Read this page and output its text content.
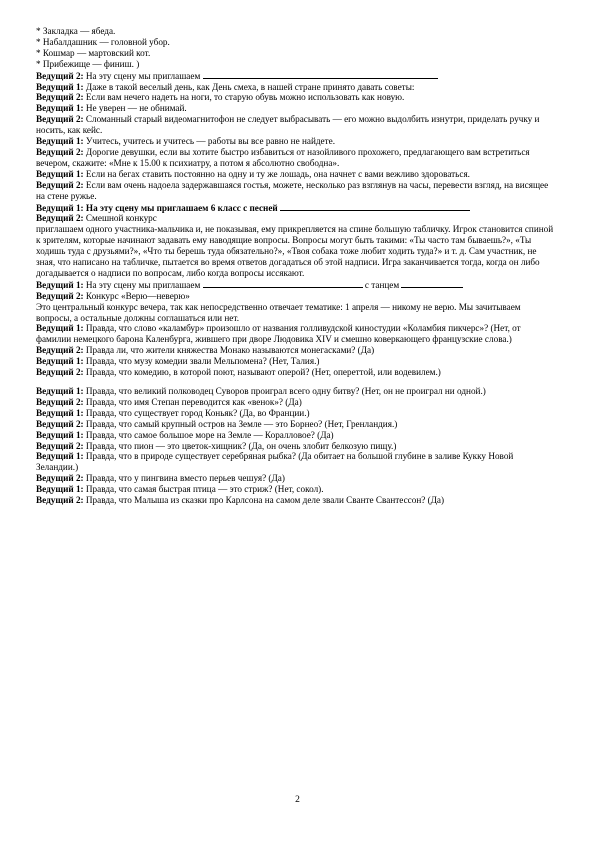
* Закладка — ябеда.
* Набалдашник — головной убор.
* Кошмар — мартовский кот.
* Прибежище — финиш. )

Ведущий 2: На эту сцену мы приглашаем

Ведущий 1: Даже в такой веселый день, как День смеха, в нашей стране принято давать советы:

Ведущий 2: Если вам нечего надеть на ноги, то старую обувь можно использовать как новую.

Ведущий 1: Не уверен — не обнимай.

Ведущий 2: Сломанный старый видеомагнитофон не следует выбрасывать — его можно выдолбить изнутри, приделать ручку и носить, как кейс.

Ведущий 1: Учитесь, учитесь и учитесь — работы вы все равно не найдете.

Ведущий 2: Дорогие девушки, если вы хотите быстро избавиться от назойливого прохожего, предлагающего вам встретиться вечером, скажите: «Мне к 15.00 к психиатру, а потом я абсолютно свободна».

Ведущий 1: Если на бегах ставить постоянно на одну и ту же лошадь, она начнет с вами вежливо здороваться.

Ведущий 2: Если вам очень надоела задержавшаяся гостья, можете, несколько раз взглянув на часы, перевести взгляд, на висящее на стене ружье.

Ведущий 1: На эту сцену мы приглашаем 6 класс с песней

Ведущий 2: Смешной конкурс

приглашаем одного участника-мальчика и, не показывая, ему прикрепляется на спине большую табличку. Игрок становится спиной к зрителям, которые начинают задавать ему наводящие вопросы. Вопросы могут быть такими: «Ты часто там бываешь?», «Ты ходишь туда с друзьями?», «Что ты берешь туда обязательно?», «Твоя собака тоже любит ходить туда?» и т. д. Сам участник, не зная, что написано на табличке, пытается во время ответов догадаться об этой надписи. Игра заканчивается тогда, когда он либо догадывается о надписи по вопросам, либо когда вопросы иссякают.

Ведущий 1: На эту сцену мы приглашаем	с танцем

Ведущий 2: Конкурс «Верю—неверю»

Это центральный конкурс вечера, так как непосредственно отвечает тематике: 1 апреля — никому не верю. Мы зачитываем вопросы, а остальные должны соглашаться или нет.

Ведущий 1: Правда, что слово «каламбур» произошло от названия голливудской киностудии «Коламбия пикчерс»? (Нет, от фамилии немецкого барона Каленбурга, жившего при дворе Людовика XIV и смешно коверкающего французские слова.)

Ведущий 2: Правда ли, что жители княжества Монако называются монегасками? (Да)

Ведущий 1: Правда, что музу комедии звали Мельпомена? (Нет, Талия.)

Ведущий 2: Правда, что комедию, в которой поют, называют оперой? (Нет, опереттой, или водевилем.)

Ведущий 1: Правда, что великий полководец Суворов проиграл всего одну битву? (Нет, он не проиграл ни одной.)

Ведущий 2: Правда, что имя Степан переводится как «венок»? (Да)

Ведущий 1: Правда, что существует город Коньяк? (Да, во Франции.)

Ведущий 2: Правда, что самый крупный остров на Земле — это Борнео? (Нет, Гренландия.)

Ведущий 1: Правда, что самое большое море на Земле — Коралловое? (Да)

Ведущий 2: Правда, что пион — это цветок-хищник? (Да, он очень злобит белкозую пищу.)

Ведущий 1: Правда, что в природе существует серебряная рыбка? (Да обитает на большой глубине в заливе Кукку Новой Зеландии.)

Ведущий 2: Правда, что у пингвина вместо перьев чешуя? (Да)

Ведущий 1: Правда, что самая быстрая птица — это стриж? (Нет, сокол).

Ведущий 2: Правда, что Малыша из сказки про Карлсона на самом деле звали Сванте Свантессон? (Да)

2
